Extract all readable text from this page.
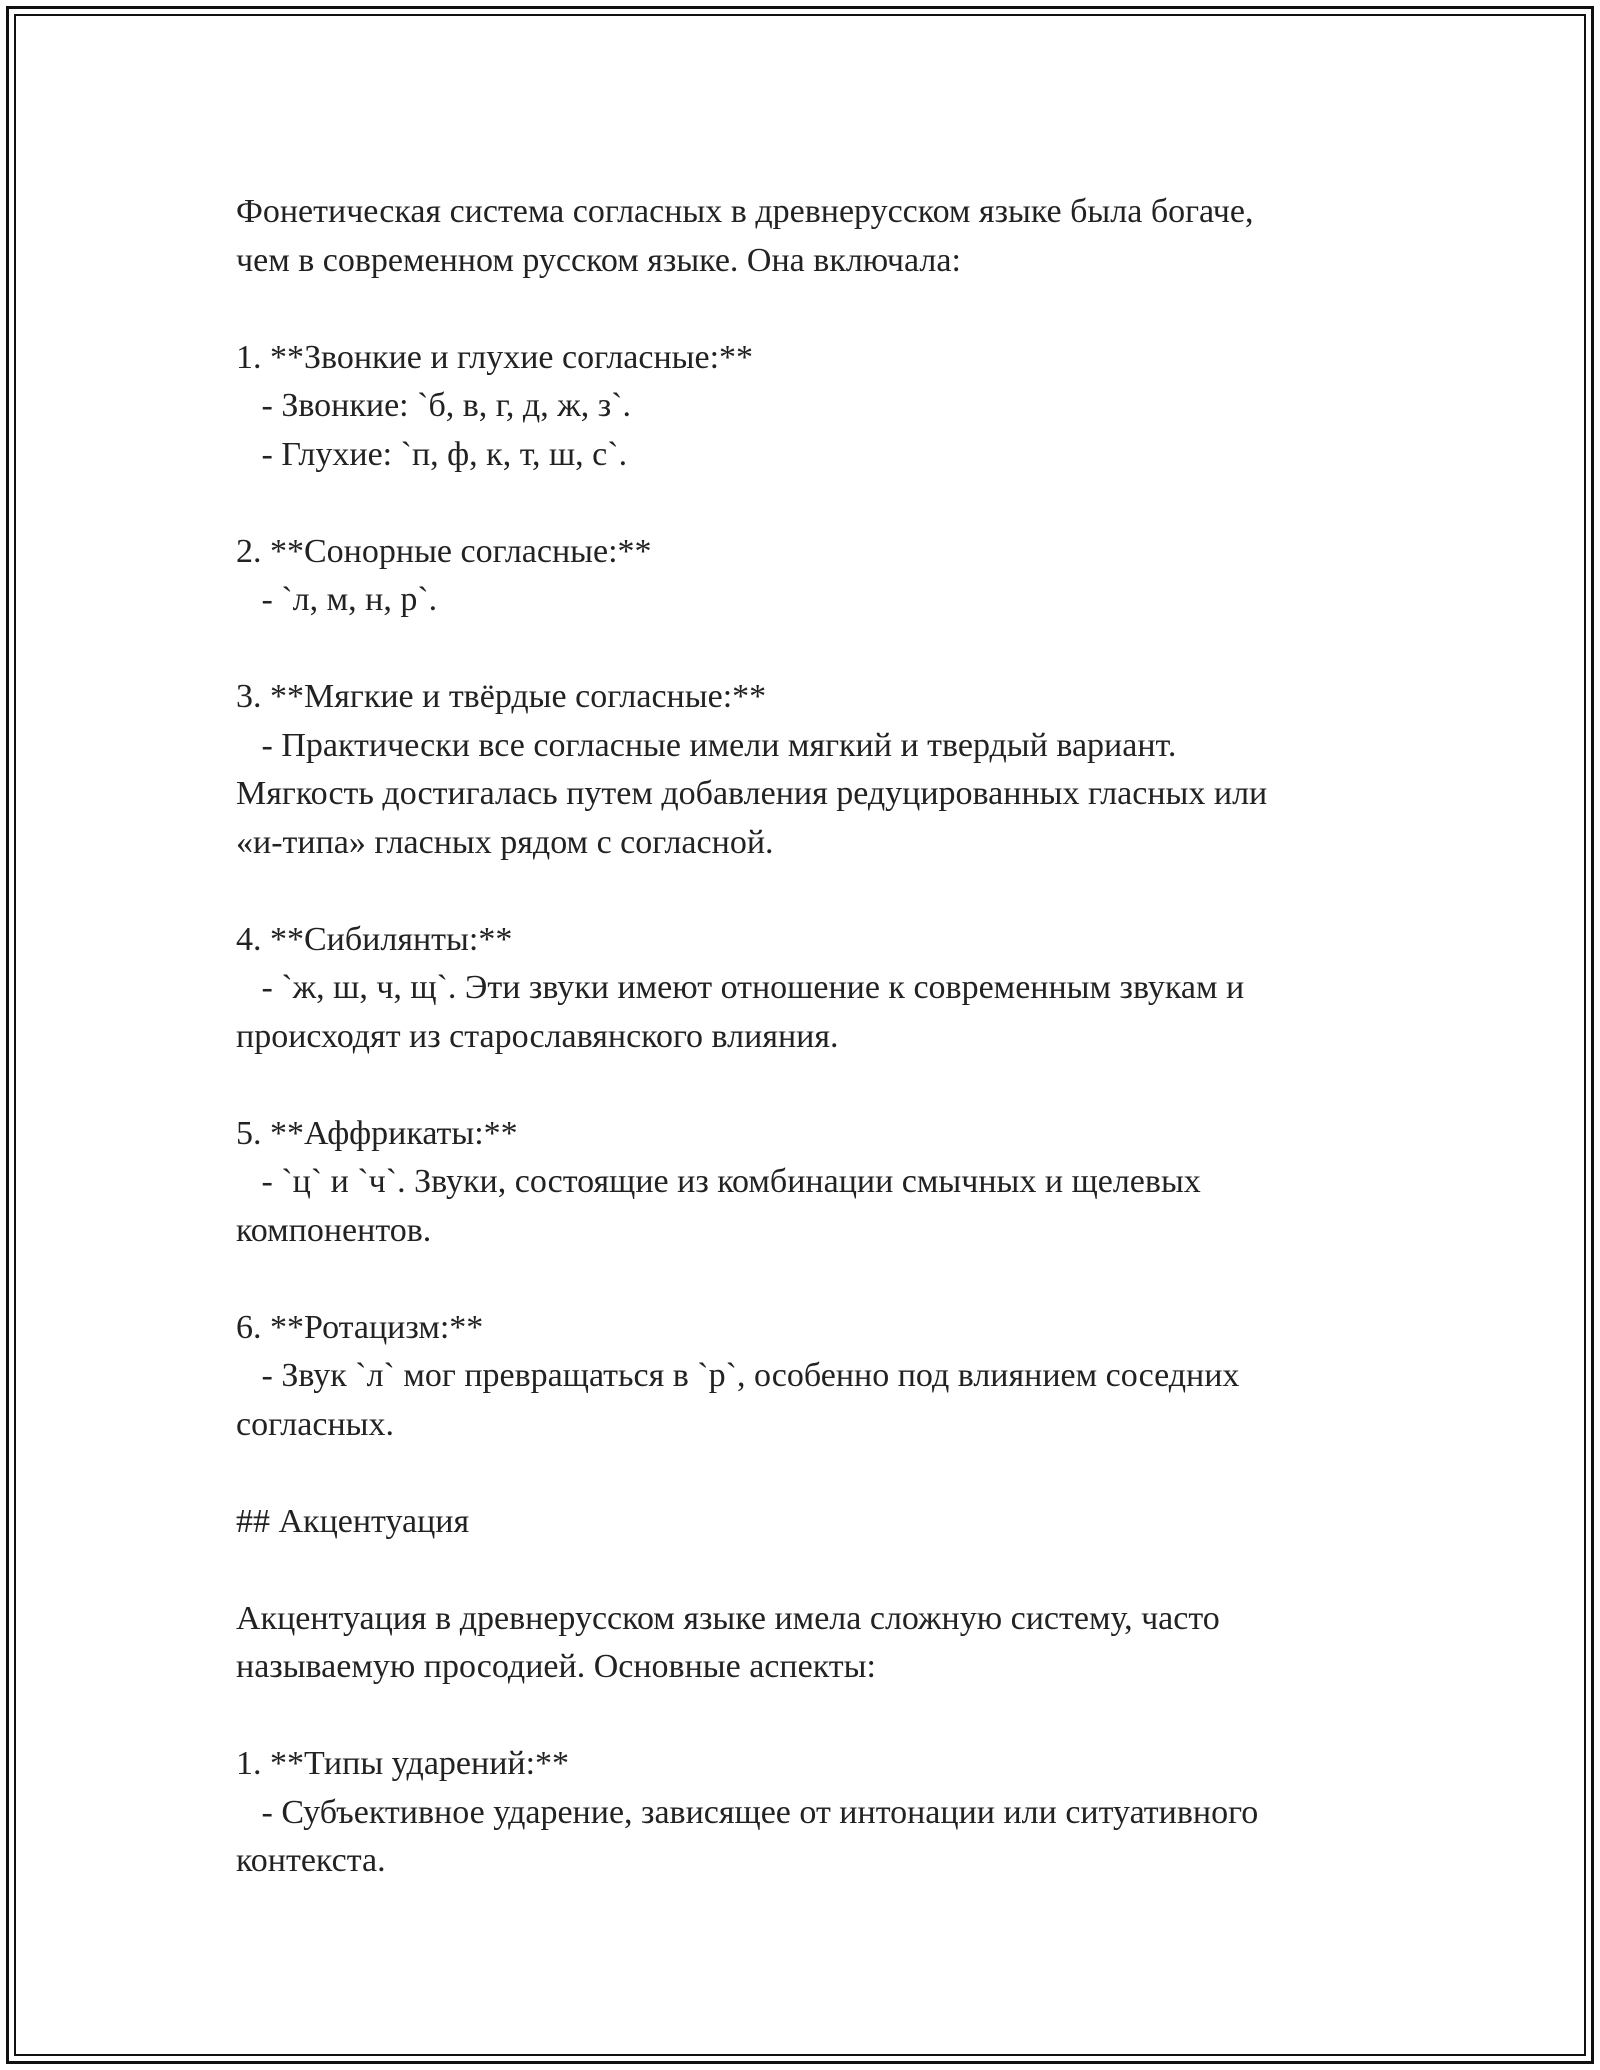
Фонетическая система согласных в древнерусском языке была богаче,
чем в современном русском языке. Она включала:
1. **Звонкие и глухие согласные:**
- Звонкие: `б, в, г, д, ж, з`.
- Глухие: `п, ф, к, т, ш, с`.
2. **Сонорные согласные:**
- `л, м, н, р`.
3. **Мягкие и твёрдые согласные:**
- Практически все согласные имели мягкий и твердый вариант.
Мягкость достигалась путем добавления редуцированных гласных или
«и-типа» гласных рядом с согласной.
4. **Сибилянты:**
- `ж, ш, ч, щ`. Эти звуки имеют отношение к современным звукам и
происходят из старославянского влияния.
5. **Аффрикаты:**
- `ц` и `ч`. Звуки, состоящие из комбинации смычных и щелевых
компонентов.
6. **Ротацизм:**
- Звук `л` мог превращаться в `р`, особенно под влиянием соседних
согласных.
## Акцентуация
Акцентуация в древнерусском языке имела сложную систему, часто
называемую просодией. Основные аспекты:
1. **Типы ударений:**
- Субъективное ударение, зависящее от интонации или ситуативного
контекста.
